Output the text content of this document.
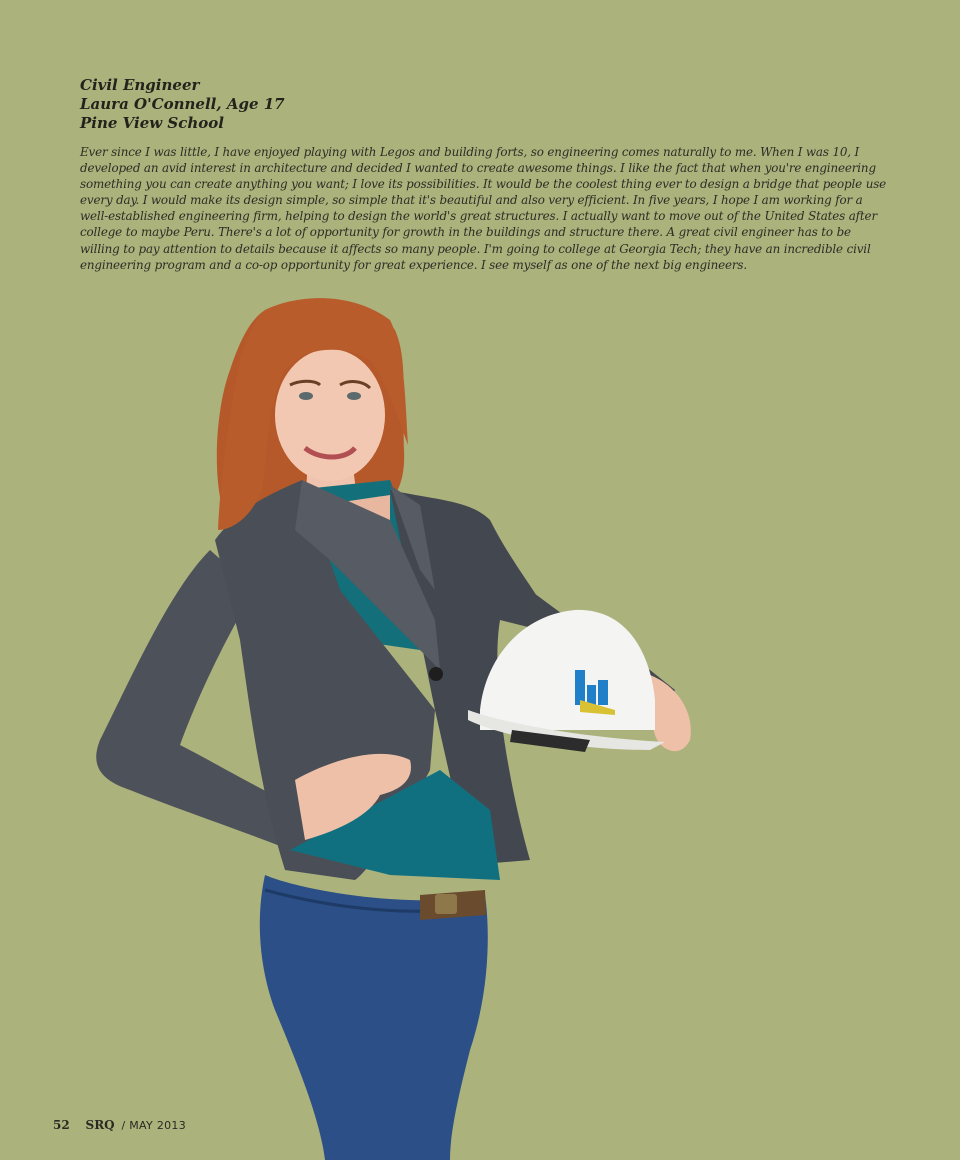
Civil Engineer
Laura O'Connell, Age 17
Pine View School

Ever since I was little, I have enjoyed playing with Legos and building forts, so engineering comes naturally to me. When I was 10, I developed an avid interest in architecture and decided I wanted to create awesome things. I like the fact that when you're engineering something you can create anything you want; I love its possibilities. It would be the coolest thing ever to design a bridge that people use every day. I would make its design simple, so simple that it's beautiful and also very efficient. In five years, I hope I am working for a well-established engineering firm, helping to design the world's great structures. I actually want to move out of the United States after college to maybe Peru. There's a lot of opportunity for growth in the buildings and structure there. A great civil engineer has to be willing to pay attention to details because it affects so many people. I'm going to college at Georgia Tech; they have an incredible civil engineering program and a co-op opportunity for great experience. I see myself as one of the next big engineers.

52 SRQ / MAY 2013
